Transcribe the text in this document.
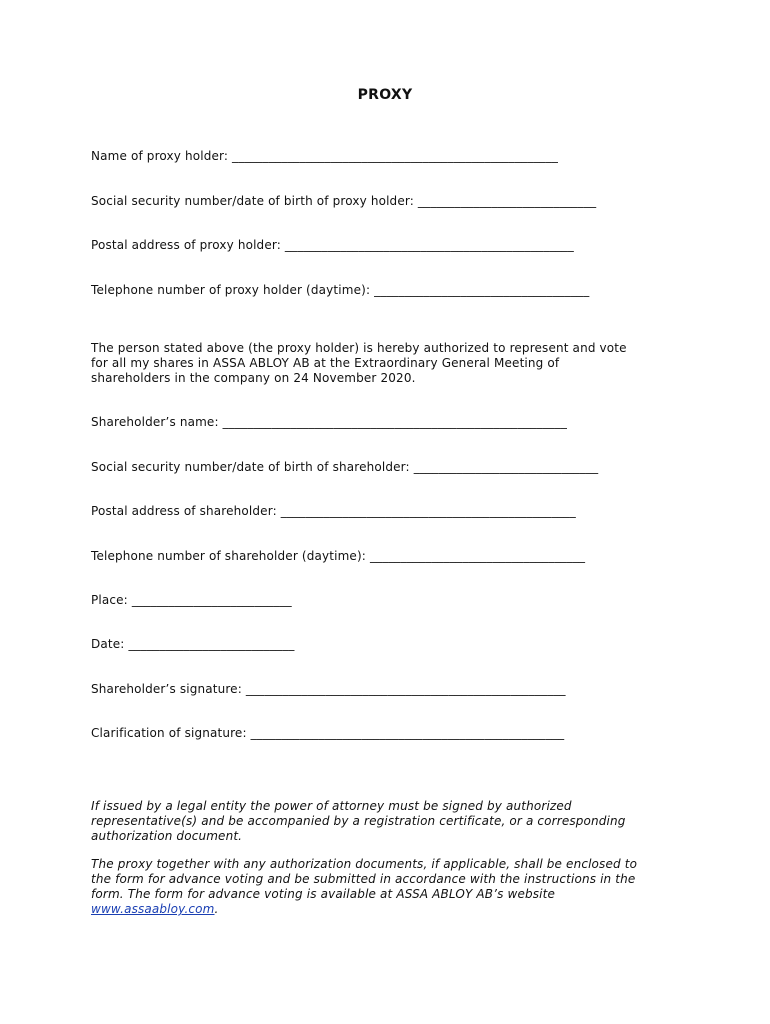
PROXY
Name of proxy holder: _____________________________________________________
Social security number/date of birth of proxy holder: _____________________________
Postal address of proxy holder: _______________________________________________
Telephone number of proxy holder (daytime): ___________________________________
The person stated above (the proxy holder) is hereby authorized to represent and vote
for all my shares in ASSA ABLOY AB at the Extraordinary General Meeting of
shareholders in the company on 24 November 2020.
Shareholder’s name: ________________________________________________________
Social security number/date of birth of shareholder: ______________________________
Postal address of shareholder: ________________________________________________
Telephone number of shareholder (daytime): ___________________________________
Place: __________________________
Date: ___________________________
Shareholder’s signature: ____________________________________________________
Clarification of signature: ___________________________________________________
If issued by a legal entity the power of attorney must be signed by authorized
representative(s) and be accompanied by a registration certificate, or a corresponding
authorization document.
The proxy together with any authorization documents, if applicable, shall be enclosed to
the form for advance voting and be submitted in accordance with the instructions in the
form. The form for advance voting is available at ASSA ABLOY AB’s website
www.assaabloy.com.
